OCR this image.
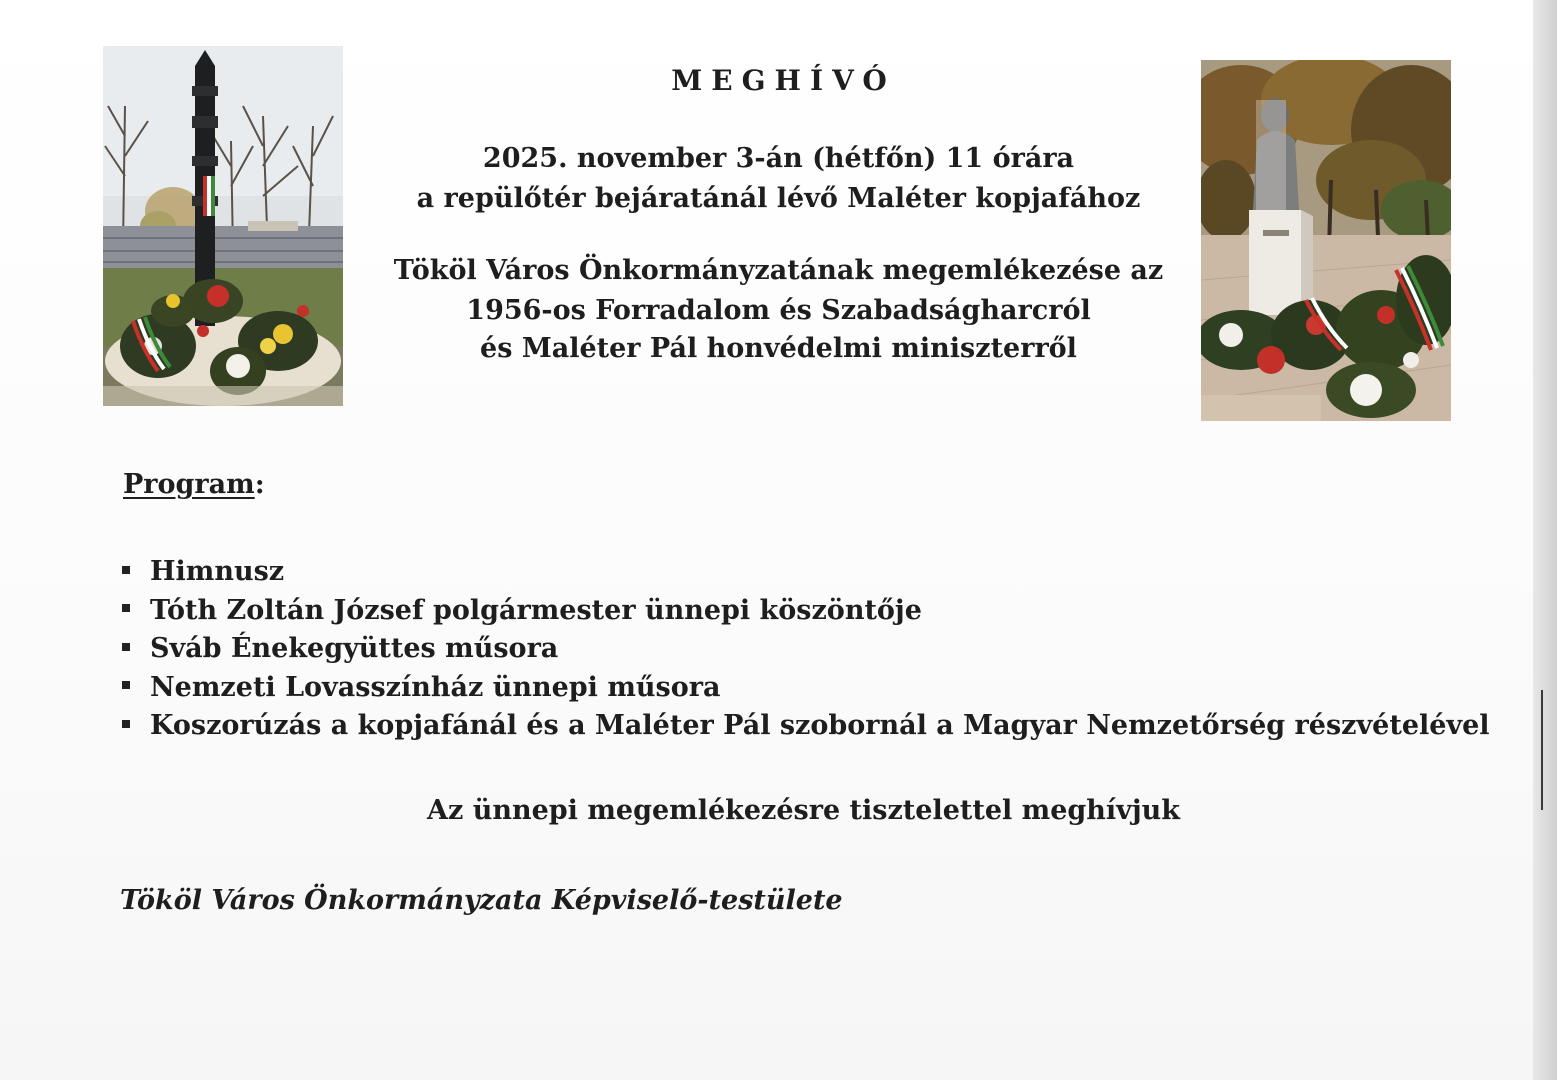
MEGHÍVÓ
2025. november 3-án (hétfőn) 11 órára
a repülőtér bejáratánál lévő Maléter kopjafához
Tököl Város Önkormányzatának megemlékezése az
1956-os Forradalom és Szabadságharcról
és Maléter Pál honvédelmi miniszterről
Program:
Himnusz
Tóth Zoltán József polgármester ünnepi köszöntője
Sváb Énekegyüttes műsora
Nemzeti Lovasszínház ünnepi műsora
Koszorúzás a kopjafánál és a Maléter Pál szobornál a Magyar Nemzetőrség részvételével
Az ünnepi megemlékezésre tisztelettel meghívjuk
Tököl Város Önkormányzata Képviselő-testülete
